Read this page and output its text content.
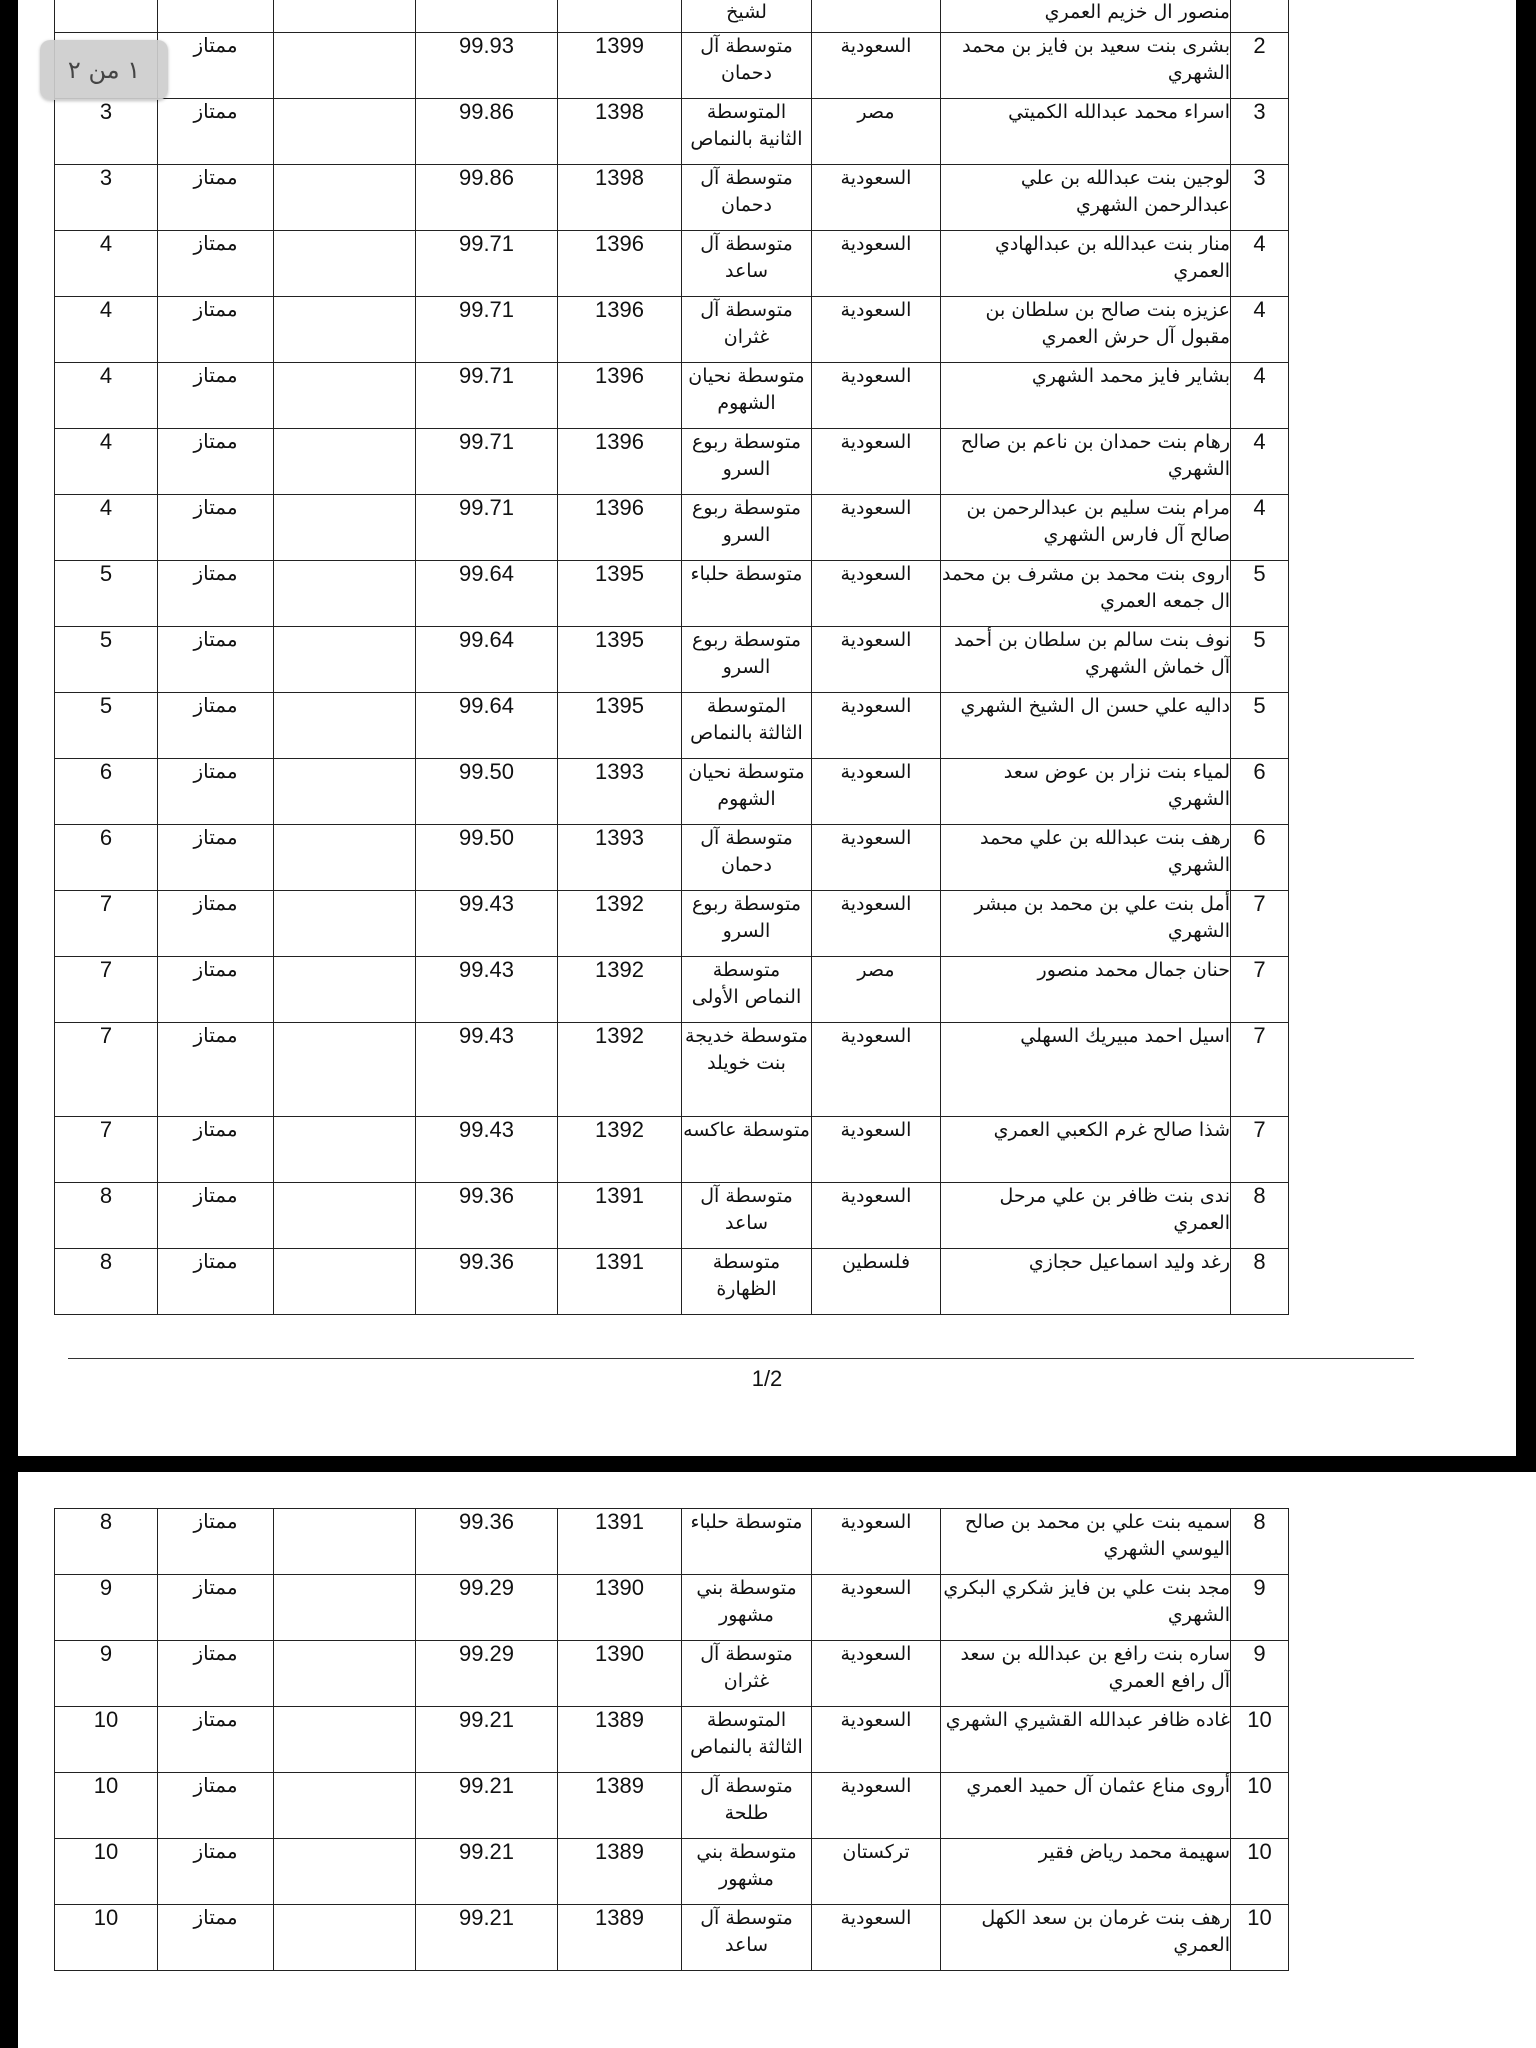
					لشيخ		منصور ال خزيم العمري	
	ممتاز		99.93	1399	متوسطة آل دحمان	السعودية	بشرى بنت سعيد بن فايز بن محمد الشهري	2
3	ممتاز		99.86	1398	المتوسطة الثانية بالنماص	مصر	اسراء محمد عبدالله الكميتي	3
3	ممتاز		99.86	1398	متوسطة آل دحمان	السعودية	لوجين بنت عبدالله بن علي عبدالرحمن الشهري	3
4	ممتاز		99.71	1396	متوسطة آل ساعد	السعودية	منار بنت عبدالله بن عبدالهادي العمري	4
4	ممتاز		99.71	1396	متوسطة آل غثران	السعودية	عزيزه بنت صالح بن سلطان بن مقبول آل حرش العمري	4
4	ممتاز		99.71	1396	متوسطة نحيان الشهوم	السعودية	بشاير فايز محمد الشهري	4
4	ممتاز		99.71	1396	متوسطة ربوع السرو	السعودية	رهام بنت حمدان بن ناعم بن صالح الشهري	4
4	ممتاز		99.71	1396	متوسطة ربوع السرو	السعودية	مرام بنت سليم بن عبدالرحمن بن صالح آل فارس الشهري	4
5	ممتاز		99.64	1395	متوسطة حلباء	السعودية	اروى بنت محمد بن مشرف بن محمد ال جمعه العمري	5
5	ممتاز		99.64	1395	متوسطة ربوع السرو	السعودية	نوف بنت سالم بن سلطان بن أحمد آل خماش الشهري	5
5	ممتاز		99.64	1395	المتوسطة الثالثة بالنماص	السعودية	داليه علي حسن ال الشيخ الشهري	5
6	ممتاز		99.50	1393	متوسطة نحيان الشهوم	السعودية	لمياء بنت نزار بن عوض سعد الشهري	6
6	ممتاز		99.50	1393	متوسطة آل دحمان	السعودية	رهف بنت عبدالله بن علي محمد الشهري	6
7	ممتاز		99.43	1392	متوسطة ربوع السرو	السعودية	أمل بنت علي بن محمد بن مبشر الشهري	7
7	ممتاز		99.43	1392	متوسطة النماص الأولى	مصر	حنان جمال محمد منصور	7
7	ممتاز		99.43	1392	متوسطة خديجة بنت خويلد	السعودية	اسيل احمد مبيريك السهلي	7
7	ممتاز		99.43	1392	متوسطة عاكسه	السعودية	شذا صالح غرم الكعبي العمري	7
8	ممتاز		99.36	1391	متوسطة آل ساعد	السعودية	ندى بنت ظافر بن علي مرحل العمري	8
8	ممتاز		99.36	1391	متوسطة الظهارة	فلسطين	رغد وليد اسماعيل حجازي	8
1/2
8	ممتاز		99.36	1391	متوسطة حلباء	السعودية	سميه بنت علي بن محمد بن صالح اليوسي الشهري	8
9	ممتاز		99.29	1390	متوسطة بني مشهور	السعودية	مجد بنت علي بن فايز شكري البكري الشهري	9
9	ممتاز		99.29	1390	متوسطة آل غثران	السعودية	ساره بنت رافع بن عبدالله بن سعد آل رافع العمري	9
10	ممتاز		99.21	1389	المتوسطة الثالثة بالنماص	السعودية	غاده ظافر عبدالله القشيري الشهري	10
10	ممتاز		99.21	1389	متوسطة آل طلحة	السعودية	أروى مناع عثمان آل حميد العمري	10
10	ممتاز		99.21	1389	متوسطة بني مشهور	تركستان	سهيمة محمد رياض فقير	10
10	ممتاز		99.21	1389	متوسطة آل ساعد	السعودية	رهف بنت غرمان بن سعد الكهل العمري	10
١ من ٢
